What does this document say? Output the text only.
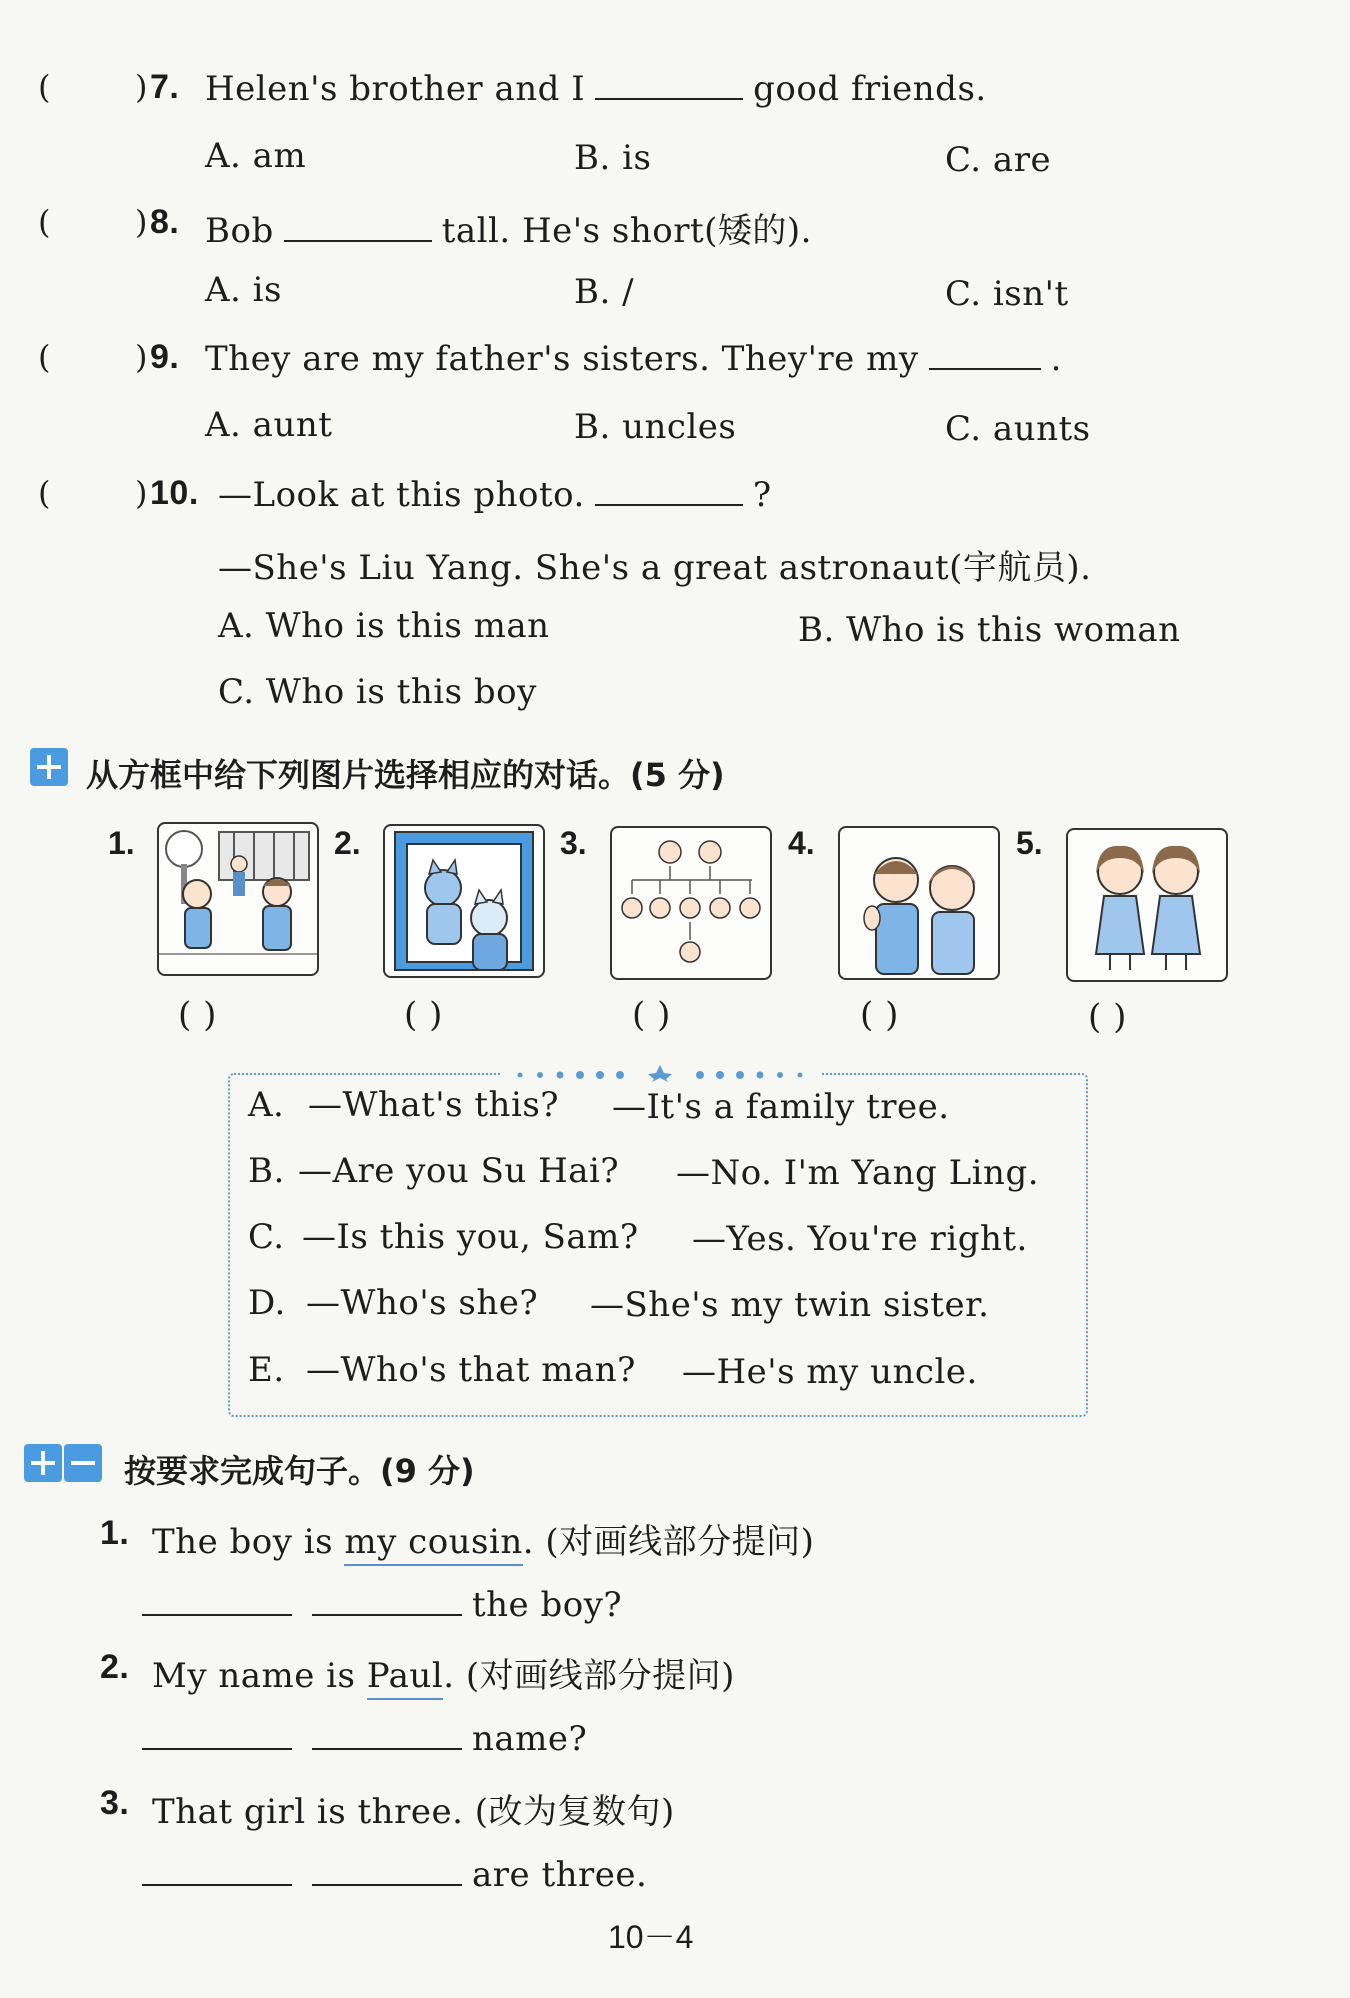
(	) 7. Helen's brother and I	good friends.
A. am	B. is	C. are
(	) 8. Bob	tall. He's short(矮的).
A. is	B. /	C. isn't
(	) 9. They are my father's sisters. They're my	.
A. aunt	B. uncles	C. aunts
(	) 10. —Look at this photo.	?
—She's Liu Yang. She's a great astronaut(宇航员).
A. Who is this man	B. Who is this woman
C. Who is this boy
从方框中给下列图片选择相应的对话。(5 分)
1.
( )
2.
( )
3.
( )
4.
( )
5.
( )
A. —What's this? —It's a family tree.
B. —Are you Su Hai? —No. I'm Yang Ling.
C. —Is this you, Sam? —Yes. You're right.
D. —Who's she? —She's my twin sister.
E. —Who's that man? —He's my uncle.
按要求完成句子。(9 分)
1. The boy is my cousin. (对画线部分提问)
the boy?
2. My name is Paul. (对画线部分提问)
name?
3. That girl is three. (改为复数句)
are three.
10－4
